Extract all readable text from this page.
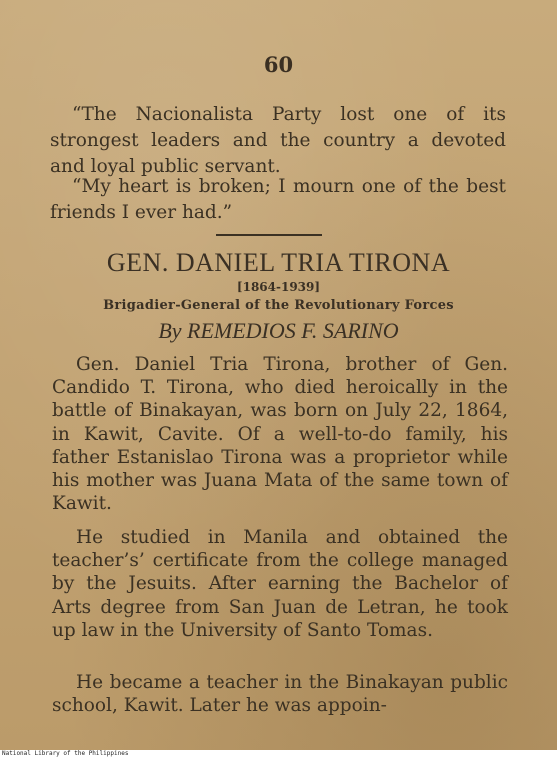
60
“The Nacionalista Party lost one of its strongest leaders and the country a devoted and loyal public servant.
“My heart is broken; I mourn one of the best friends I ever had.”
GEN. DANIEL TRIA TIRONA
[1864-1939]
Brigadier-General of the Revolutionary Forces
By REMEDIOS F. SARINO
Gen. Daniel Tria Tirona, brother of Gen. Candido T. Tirona, who died heroically in the battle of Binakayan, was born on July 22, 1864, in Kawit, Cavite. Of a well-to-do family, his father Estanislao Tirona was a proprietor while his mother was Juana Mata of the same town of Kawit.
He studied in Manila and obtained the teacher’s’ certificate from the college managed by the Jesuits. After earning the Bachelor of Arts degree from San Juan de Letran, he took up law in the University of Santo Tomas.
He became a teacher in the Binakayan public school, Kawit. Later he was appoin-
National Library of the Philippines
